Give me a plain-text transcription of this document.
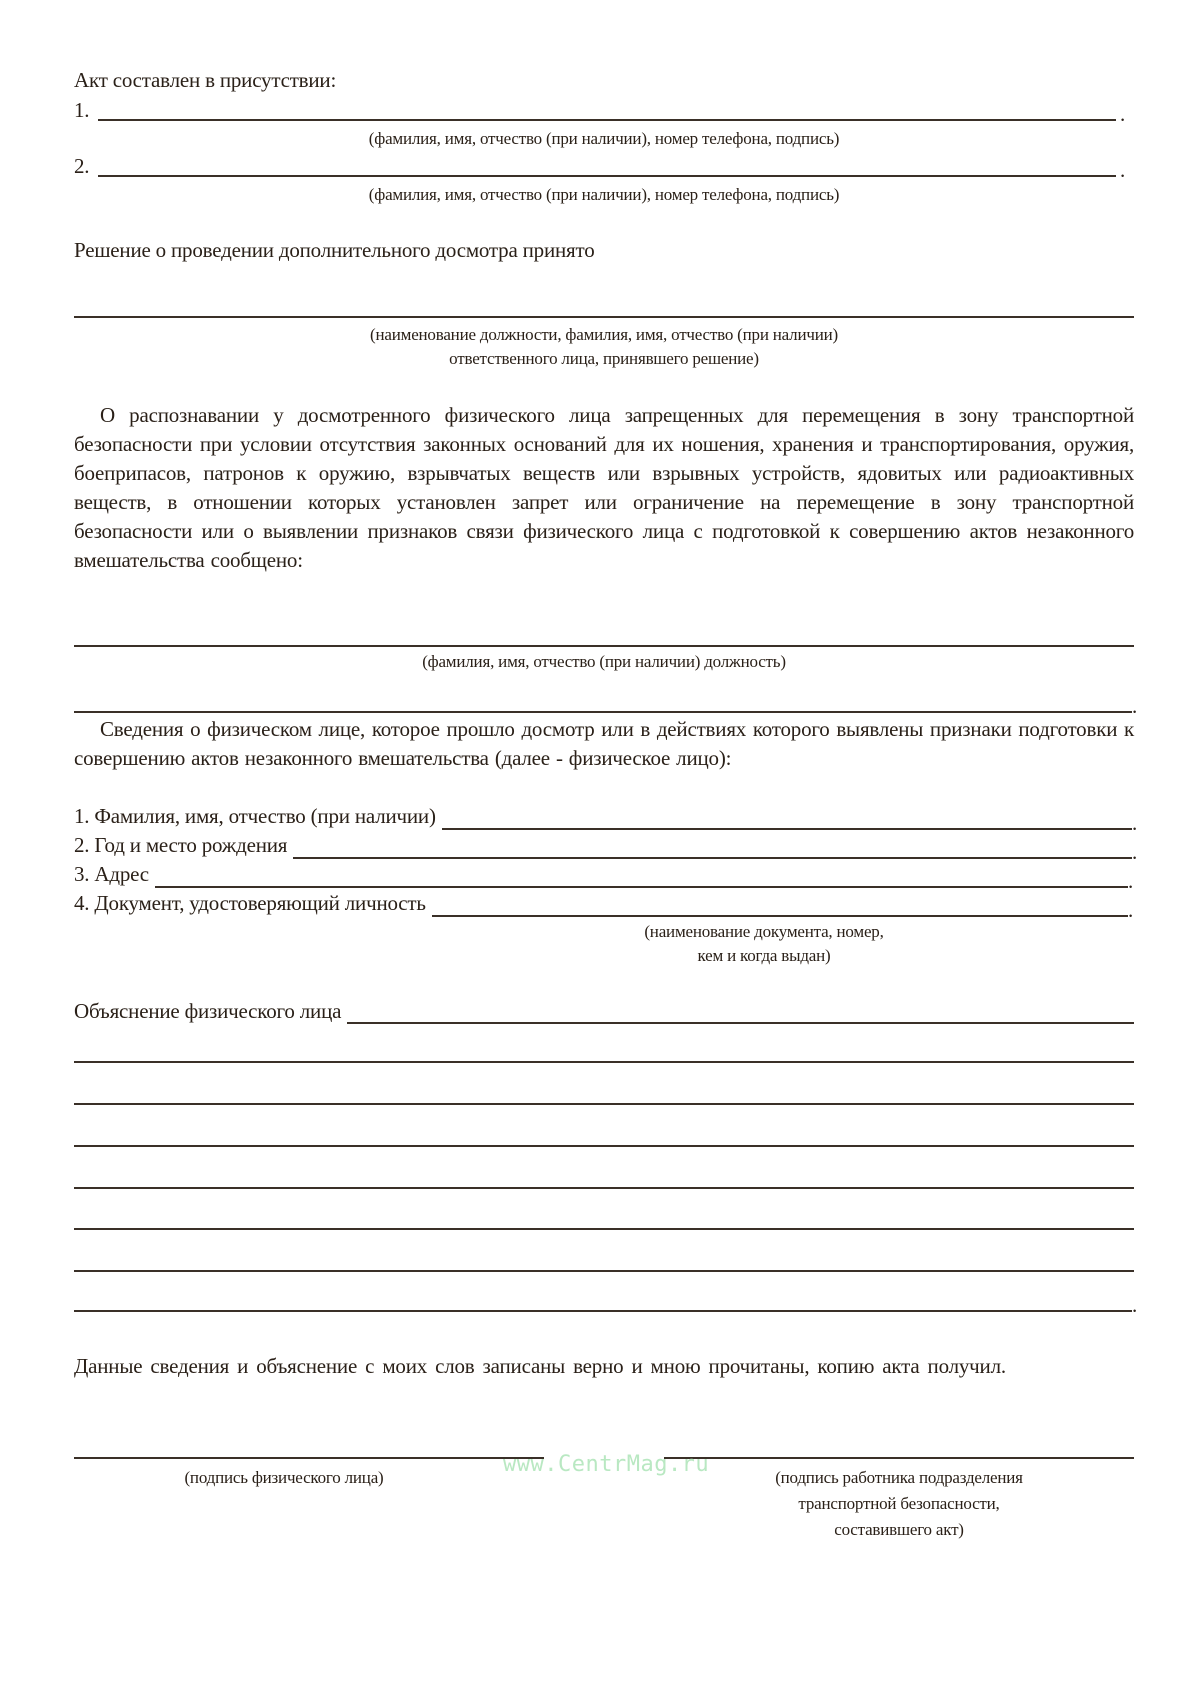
Акт составлен в присутствии:
1.	.
(фамилия, имя, отчество (при наличии), номер телефона, подпись)
2.	.
(фамилия, имя, отчество (при наличии), номер телефона, подпись)
Решение о проведении дополнительного досмотра принято
(наименование должности, фамилия, имя, отчество (при наличии)
ответственного лица, принявшего решение)
О распознавании у досмотренного физического лица запрещенных для перемещения в зону транспортной безопасности при условии отсутствия законных оснований для их ношения, хранения и транспортирования, оружия, боеприпасов, патронов к оружию, взрывчатых веществ или взрывных устройств, ядовитых или радиоактивных веществ, в отношении которых установлен запрет или ограничение на перемещение в зону транспортной безопасности или о выявлении признаков связи физического лица с подготовкой к совершению актов незаконного вмешательства сообщено:
(фамилия, имя, отчество (при наличии) должность)
.
Сведения о физическом лице, которое прошло досмотр или в действиях которого выявлены признаки подготовки к совершению актов незаконного вмешательства (далее - физическое лицо):
1. Фамилия, имя, отчество (при наличии)	.
2. Год и место рождения	.
3. Адрес	.
4. Документ, удостоверяющий личность	.
(наименование документа, номер,
кем и когда выдан)
Объяснение физического лица
.
Данные сведения и объяснение с моих слов записаны верно и мною прочитаны, копию акта получил.
(подпись физического лица)	(подпись работника подразделения
транспортной безопасности,
составившего акт)
www.CentrMag.ru
